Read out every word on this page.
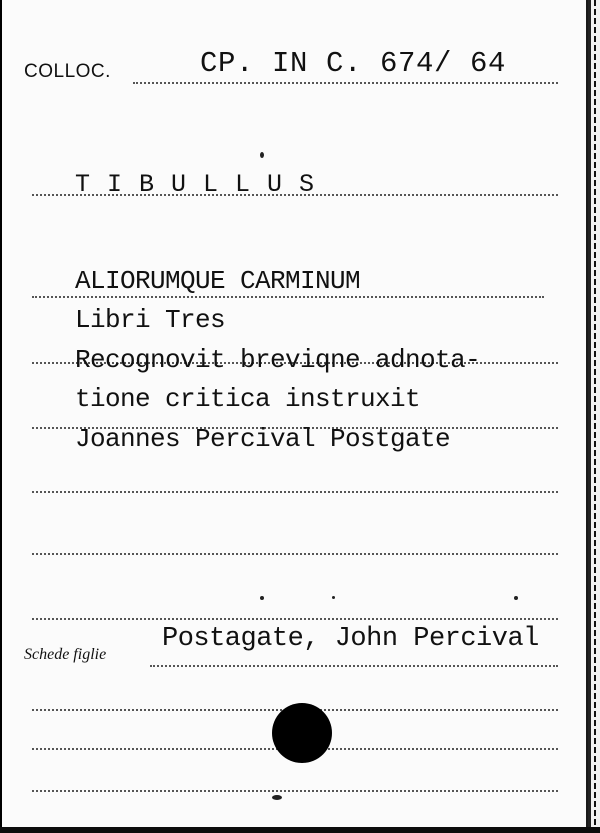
COLLOC.	CP. IN C. 674/ 64
T I B U L L U S
ALIORUMQUE CARMINUM
Libri Tres
Recognovit breviqne adnota-
tione critica instruxit
Joannes Percival Postgate
Schede figlie
Postagate, John Percival
